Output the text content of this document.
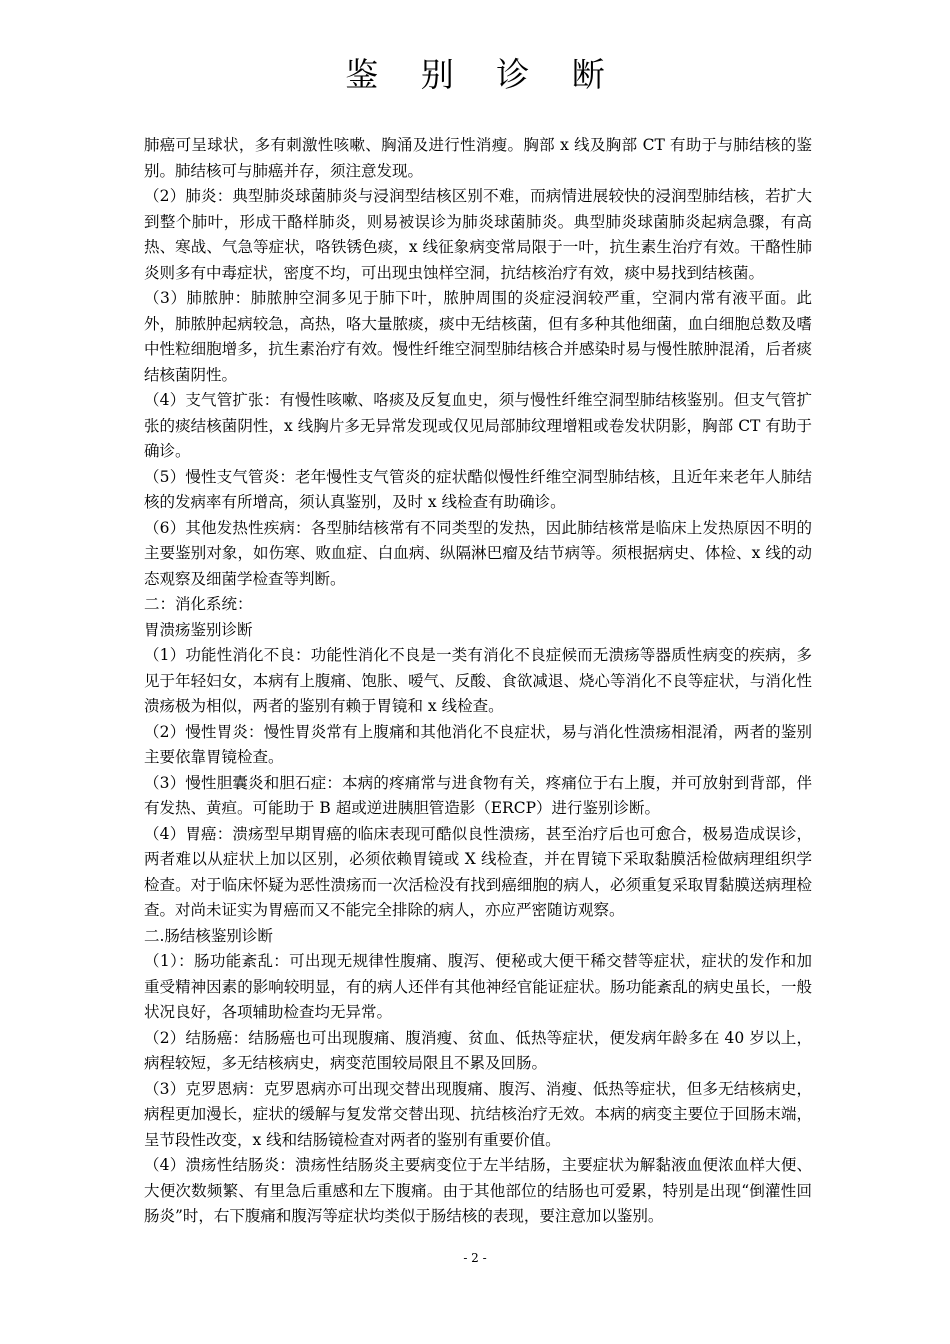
鉴 别 诊 断

肺癌可呈球状，多有刺激性咳嗽、胸涌及进行性消瘦。胸部 x 线及胸部 CT 有助于与肺结核的鉴别。肺结核可与肺癌并存，须注意发现。

（2）肺炎：典型肺炎球菌肺炎与浸润型结核区别不难，而病情进展较快的浸润型肺结核，若扩大到整个肺叶，形成干酪样肺炎，则易被误诊为肺炎球菌肺炎。典型肺炎球菌肺炎起病急骤，有高热、寒战、气急等症状，咯铁锈色痰，x 线征象病变常局限于一叶，抗生素生治疗有效。干酪性肺炎则多有中毒症状，密度不均，可出现虫蚀样空洞，抗结核治疗有效，痰中易找到结核菌。

（3）肺脓肿：肺脓肿空洞多见于肺下叶，脓肿周围的炎症浸润较严重，空洞内常有液平面。此外，肺脓肿起病较急，高热，咯大量脓痰，痰中无结核菌，但有多种其他细菌，血白细胞总数及嗜中性粒细胞增多，抗生素治疗有效。慢性纤维空洞型肺结核合并感染时易与慢性脓肿混淆，后者痰结核菌阴性。

（4）支气管扩张：有慢性咳嗽、咯痰及反复血史，须与慢性纤维空洞型肺结核鉴别。但支气管扩张的痰结核菌阴性，x 线胸片多无异常发现或仅见局部肺纹理增粗或卷发状阴影，胸部 CT 有助于确诊。

（5）慢性支气管炎：老年慢性支气管炎的症状酷似慢性纤维空洞型肺结核，且近年来老年人肺结核的发病率有所增高，须认真鉴别，及时 x 线检查有助确诊。

（6）其他发热性疾病：各型肺结核常有不同类型的发热，因此肺结核常是临床上发热原因不明的主要鉴别对象，如伤寒、败血症、白血病、纵隔淋巴瘤及结节病等。须根据病史、体检、x 线的动态观察及细菌学检查等判断。

二：消化系统：

胃溃疡鉴别诊断

（1）功能性消化不良：功能性消化不良是一类有消化不良症候而无溃疡等器质性病变的疾病，多见于年轻妇女，本病有上腹痛、饱胀、嗳气、反酸、食欲减退、烧心等消化不良等症状，与消化性溃疡极为相似，两者的鉴别有赖于胃镜和 x 线检查。

（2）慢性胃炎：慢性胃炎常有上腹痛和其他消化不良症状，易与消化性溃疡相混淆，两者的鉴别主要依靠胃镜检查。

（3）慢性胆囊炎和胆石症：本病的疼痛常与进食物有关，疼痛位于右上腹，并可放射到背部，伴有发热、黄疸。可能助于 B 超或逆进胰胆管造影（ERCP）进行鉴别诊断。

（4）胃癌：溃疡型早期胃癌的临床表现可酷似良性溃疡，甚至治疗后也可愈合，极易造成误诊，两者难以从症状上加以区别，必须依赖胃镜或 X 线检查，并在胃镜下采取黏膜活检做病理组织学检查。对于临床怀疑为恶性溃疡而一次活检没有找到癌细胞的病人，必须重复采取胃黏膜送病理检查。对尚未证实为胃癌而又不能完全排除的病人，亦应严密随访观察。

二.肠结核鉴别诊断

（1）：肠功能紊乱：可出现无规律性腹痛、腹泻、便秘或大便干稀交替等症状，症状的发作和加重受精神因素的影响较明显，有的病人还伴有其他神经官能证症状。肠功能紊乱的病史虽长，一般状况良好，各项辅助检查均无异常。

（2）结肠癌：结肠癌也可出现腹痛、腹消瘦、贫血、低热等症状，便发病年龄多在 40 岁以上，病程较短，多无结核病史，病变范围较局限且不累及回肠。

（3）克罗恩病：克罗恩病亦可出现交替出现腹痛、腹泻、消瘦、低热等症状，但多无结核病史，病程更加漫长，症状的缓解与复发常交替出现、抗结核治疗无效。本病的病变主要位于回肠末端，呈节段性改变，x 线和结肠镜检查对两者的鉴别有重要价值。

（4）溃疡性结肠炎：溃疡性结肠炎主要病变位于左半结肠，主要症状为解黏液血便浓血样大便、大便次数频繁、有里急后重感和左下腹痛。由于其他部位的结肠也可爱累，特别是出现“倒灌性回肠炎”时，右下腹痛和腹泻等症状均类似于肠结核的表现，要注意加以鉴别。

- 2 -
